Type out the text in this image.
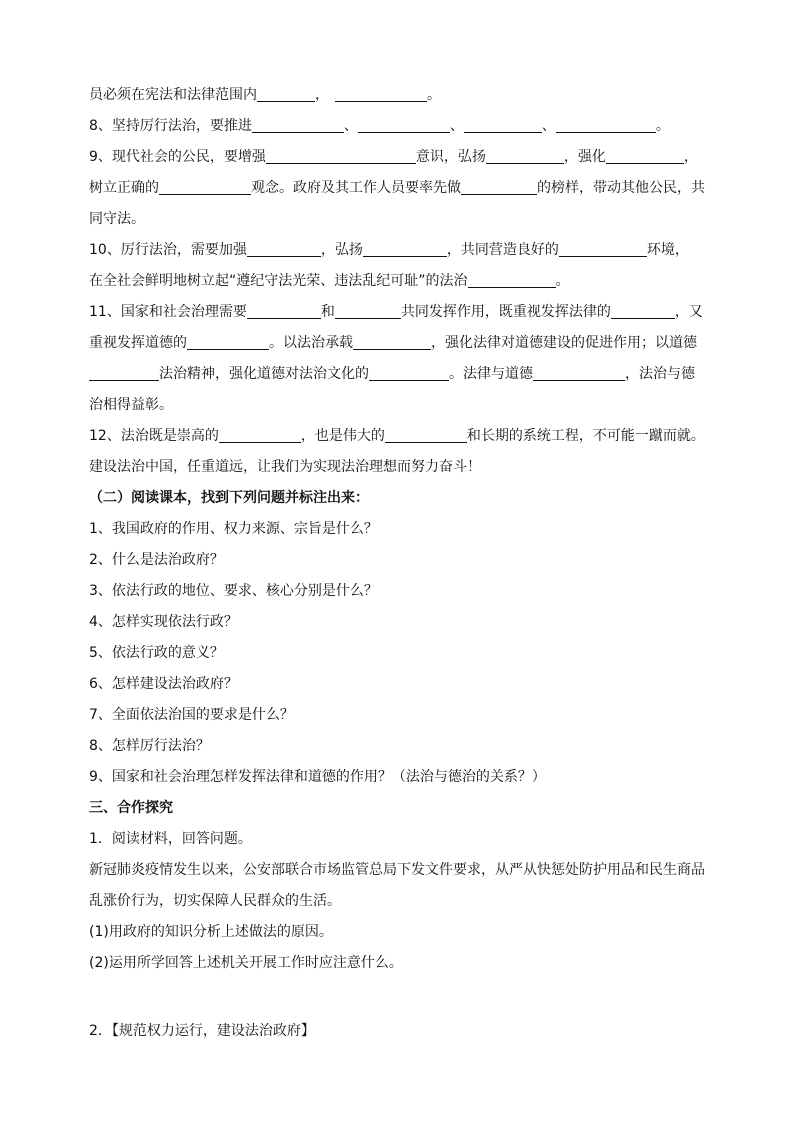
员必须在宪法和法律范围内	，	。
8、坚持厉行法治，要推进	、	、	、	。
9、现代社会的公民，要增强	意识，弘扬	，强化	，
树立正确的	观念。政府及其工作人员要率先做	的榜样，带动其他公民，共
同守法。
10、厉行法治，需要加强	，弘扬	，共同营造良好的	环境，
在全社会鲜明地树立起“遵纪守法光荣、违法乱纪可耻”的法治	。
11、国家和社会治理需要	和	共同发挥作用，既重视发挥法律的	，又
重视发挥道德的	。以法治承载	，强化法律对道德建设的促进作用；以道德
法治精神，强化道德对法治文化的	。法律与道德	，法治与德
治相得益彰。
12、法治既是崇高的	，也是伟大的	和长期的系统工程，不可能一蹴而就。
建设法治中国，任重道远，让我们为实现法治理想而努力奋斗！
（二）阅读课本，找到下列问题并标注出来：
1、我国政府的作用、权力来源、宗旨是什么？
2、什么是法治政府？
3、依法行政的地位、要求、核心分别是什么？
4、怎样实现依法行政？
5、依法行政的意义？
6、怎样建设法治政府？
7、全面依法治国的要求是什么？
8、怎样厉行法治？
9、国家和社会治理怎样发挥法律和道德的作用？（法治与德治的关系？）
三、合作探究
1．阅读材料，回答问题。
新冠肺炎疫情发生以来，公安部联合市场监管总局下发文件要求，从严从快惩处防护用品和民生商品
乱涨价行为，切实保障人民群众的生活。
(1)用政府的知识分析上述做法的原因。
(2)运用所学回答上述机关开展工作时应注意什么。
2．【规范权力运行，建设法治政府】
